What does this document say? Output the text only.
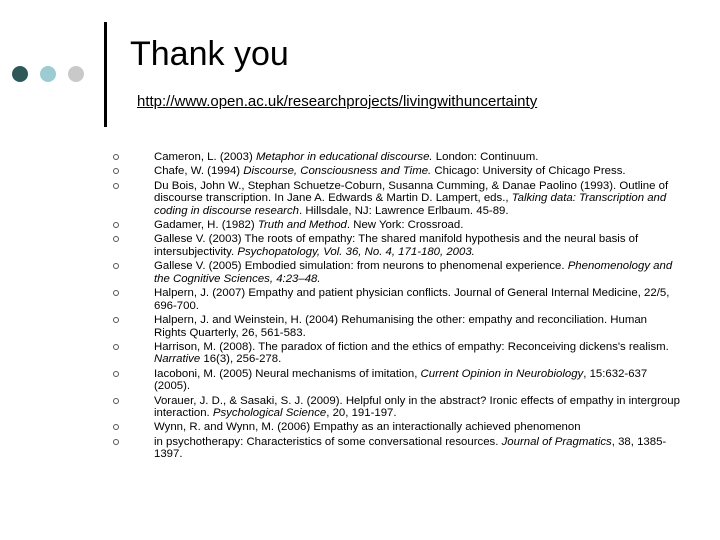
Thank you
http://www.open.ac.uk/researchprojects/livingwithuncertainty
Cameron, L. (2003) Metaphor in educational discourse. London: Continuum.
Chafe, W. (1994) Discourse, Consciousness and Time. Chicago: University of Chicago Press.
Du Bois, John W., Stephan Schuetze-Coburn, Susanna Cumming, & Danae Paolino (1993). Outline of discourse transcription. In Jane A. Edwards & Martin D. Lampert, eds., Talking data: Transcription and coding in discourse research. Hillsdale, NJ: Lawrence Erlbaum. 45-89.
Gadamer, H. (1982) Truth and Method. New York: Crossroad.
Gallese V. (2003) The roots of empathy: The shared manifold hypothesis and the neural basis of intersubjectivity. Psychopatology, Vol. 36, No. 4, 171-180, 2003.
Gallese V. (2005) Embodied simulation: from neurons to phenomenal experience. Phenomenology and the Cognitive Sciences, 4:23–48.
Halpern, J. (2007) Empathy and patient physician conflicts. Journal of General Internal Medicine, 22/5, 696-700.
Halpern, J. and Weinstein, H. (2004) Rehumanising the other: empathy and reconciliation. Human Rights Quarterly, 26, 561-583.
Harrison, M. (2008). The paradox of fiction and the ethics of empathy: Reconceiving dickens's realism. Narrative 16(3), 256-278.
Iacoboni, M. (2005) Neural mechanisms of imitation, Current Opinion in Neurobiology, 15:632-637 (2005).
Vorauer, J. D., & Sasaki, S. J. (2009). Helpful only in the abstract? Ironic effects of empathy in intergroup interaction. Psychological Science, 20, 191-197.
Wynn, R. and Wynn, M. (2006) Empathy as an interactionally achieved phenomenon
in psychotherapy: Characteristics of some conversational resources. Journal of Pragmatics, 38, 1385-1397.
